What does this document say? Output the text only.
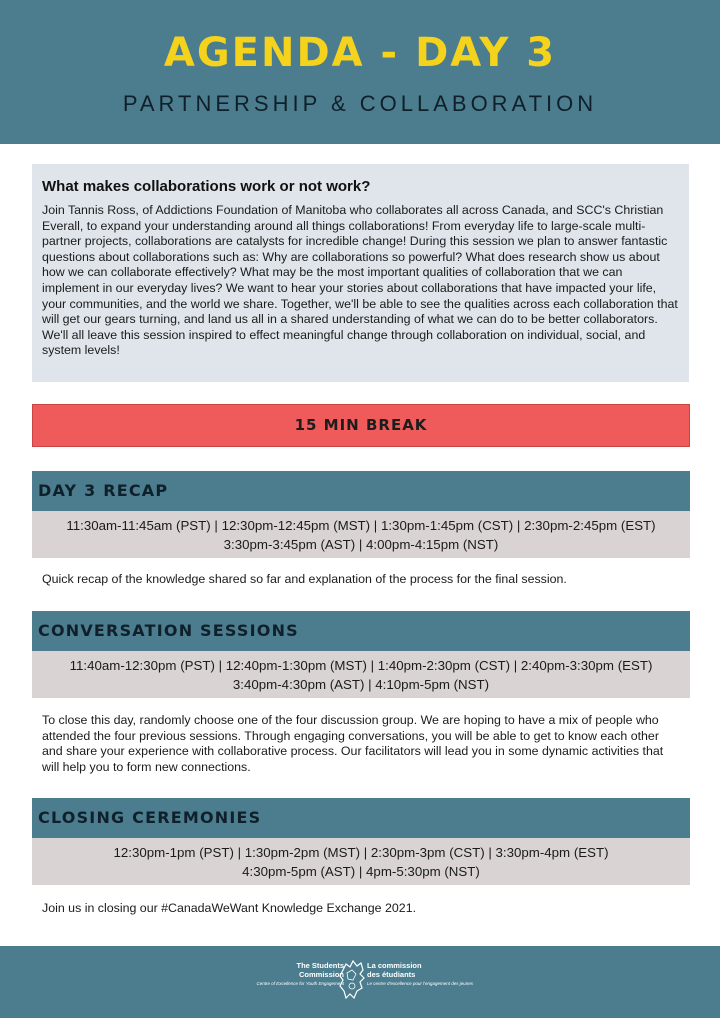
AGENDA - DAY 3
PARTNERSHIP & COLLABORATION
What makes collaborations work or not work?

Join Tannis Ross, of Addictions Foundation of Manitoba who collaborates all across Canada, and SCC's Christian Everall, to expand your understanding around all things collaborations! From everyday life to large-scale multi-partner projects, collaborations are catalysts for incredible change! During this session we plan to answer fantastic questions about collaborations such as: Why are collaborations so powerful? What does research show us about how we can collaborate effectively? What may be the most important qualities of collaboration that we can implement in our everyday lives? We want to hear your stories about collaborations that have impacted your life, your communities, and the world we share. Together, we'll be able to see the qualities across each collaboration that will get our gears turning, and land us all in a shared understanding of what we can do to be better collaborators. We'll all leave this session inspired to effect meaningful change through collaboration on individual, social, and system levels!

15 MIN BREAK
DAY 3 RECAP
11:30am-11:45am (PST) | 12:30pm-12:45pm (MST) | 1:30pm-1:45pm (CST) | 2:30pm-2:45pm (EST)
3:30pm-3:45pm (AST) | 4:00pm-4:15pm (NST)
Quick recap of the knowledge shared so far and explanation of the process for the final session.
CONVERSATION SESSIONS
11:40am-12:30pm (PST) | 12:40pm-1:30pm (MST) | 1:40pm-2:30pm (CST) | 2:40pm-3:30pm (EST)
3:40pm-4:30pm (AST) | 4:10pm-5pm (NST)
To close this day, randomly choose one of the four discussion group. We are hoping to have a mix of people who attended the four previous sessions. Through engaging conversations, you will be able to get to know each other and share your experience with collaborative process. Our facilitators will lead you in some dynamic activities that will help you to form new connections.
CLOSING CEREMONIES
12:30pm-1pm (PST) | 1:30pm-2pm (MST) | 2:30pm-3pm (CST) | 3:30pm-4pm (EST)
4:30pm-5pm (AST) | 4pm-5:30pm (NST)
Join us in closing our #CanadaWeWant Knowledge Exchange 2021.
The Students
Commission
Centre of Excellence for Youth Engagement
La commission
des étudiants
Le centre d'excellence pour l'engagement des jeunes
